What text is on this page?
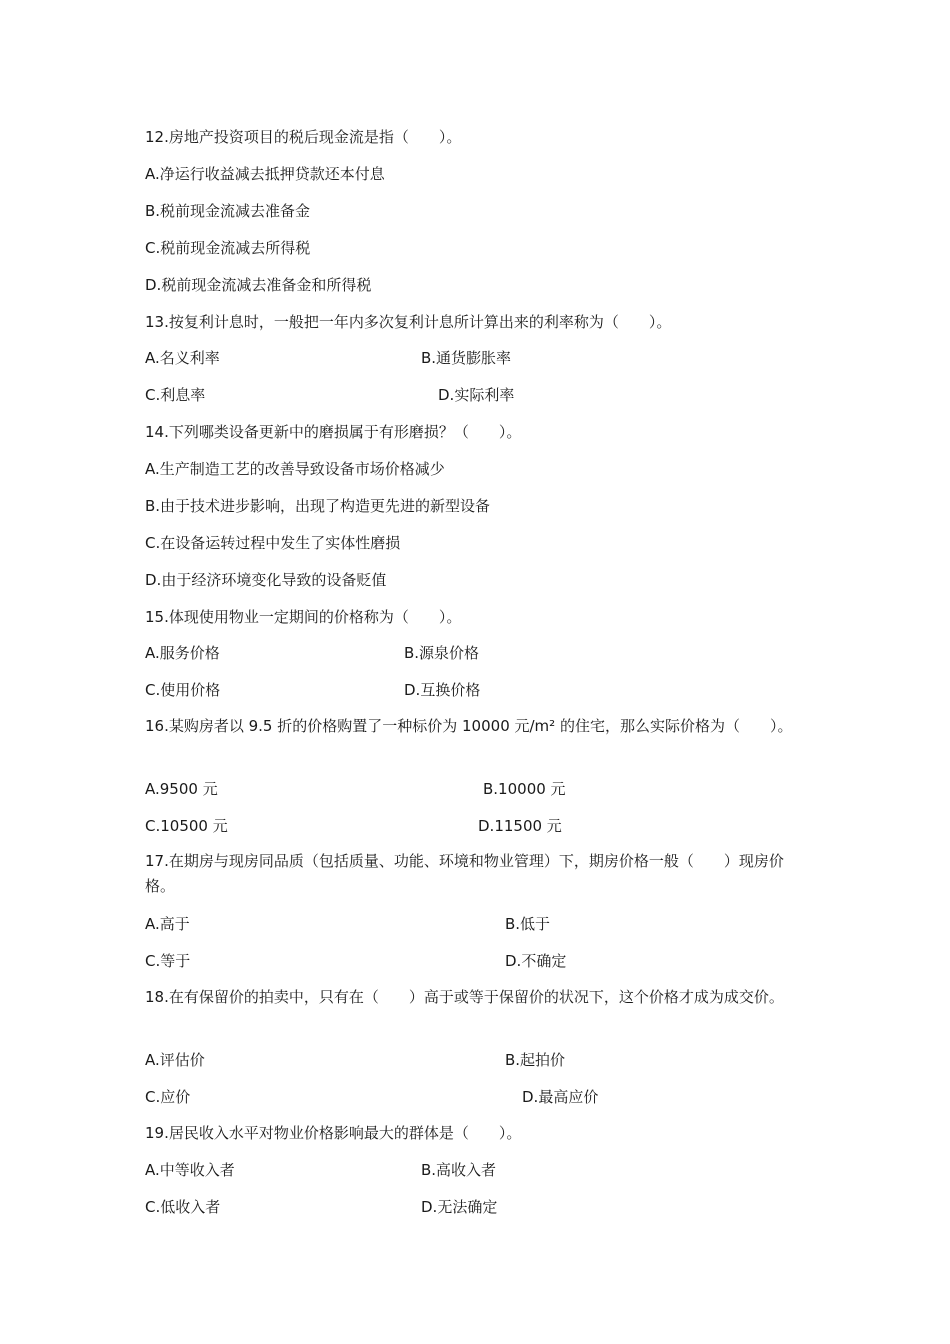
12.房地产投资项目的税后现金流是指（　　）。
A.净运行收益减去抵押贷款还本付息
B.税前现金流减去准备金
C.税前现金流减去所得税
D.税前现金流减去准备金和所得税
13.按复利计息时，一般把一年内多次复利计息所计算出来的利率称为（　　）。
A.名义利率	B.通货膨胀率
C.利息率	D.实际利率
14.下列哪类设备更新中的磨损属于有形磨损？（　　）。
A.生产制造工艺的改善导致设备市场价格减少
B.由于技术进步影响，出现了构造更先进的新型设备
C.在设备运转过程中发生了实体性磨损
D.由于经济环境变化导致的设备贬值
15.体现使用物业一定期间的价格称为（　　）。
A.服务价格	B.源泉价格
C.使用价格	D.互换价格
16.某购房者以 9.5 折的价格购置了一种标价为 10000 元/m² 的住宅，那么实际价格为（　　）。
A.9500 元	B.10000 元
C.10500 元	D.11500 元
17.在期房与现房同品质（包括质量、功能、环境和物业管理）下，期房价格一般（　　）现房价格。
A.高于	B.低于
C.等于	D.不确定
18.在有保留价的拍卖中，只有在（　　）高于或等于保留价的状况下，这个价格才成为成交价。
A.评估价	B.起拍价
C.应价	D.最高应价
19.居民收入水平对物业价格影响最大的群体是（　　）。
A.中等收入者	B.高收入者
C.低收入者	D.无法确定
